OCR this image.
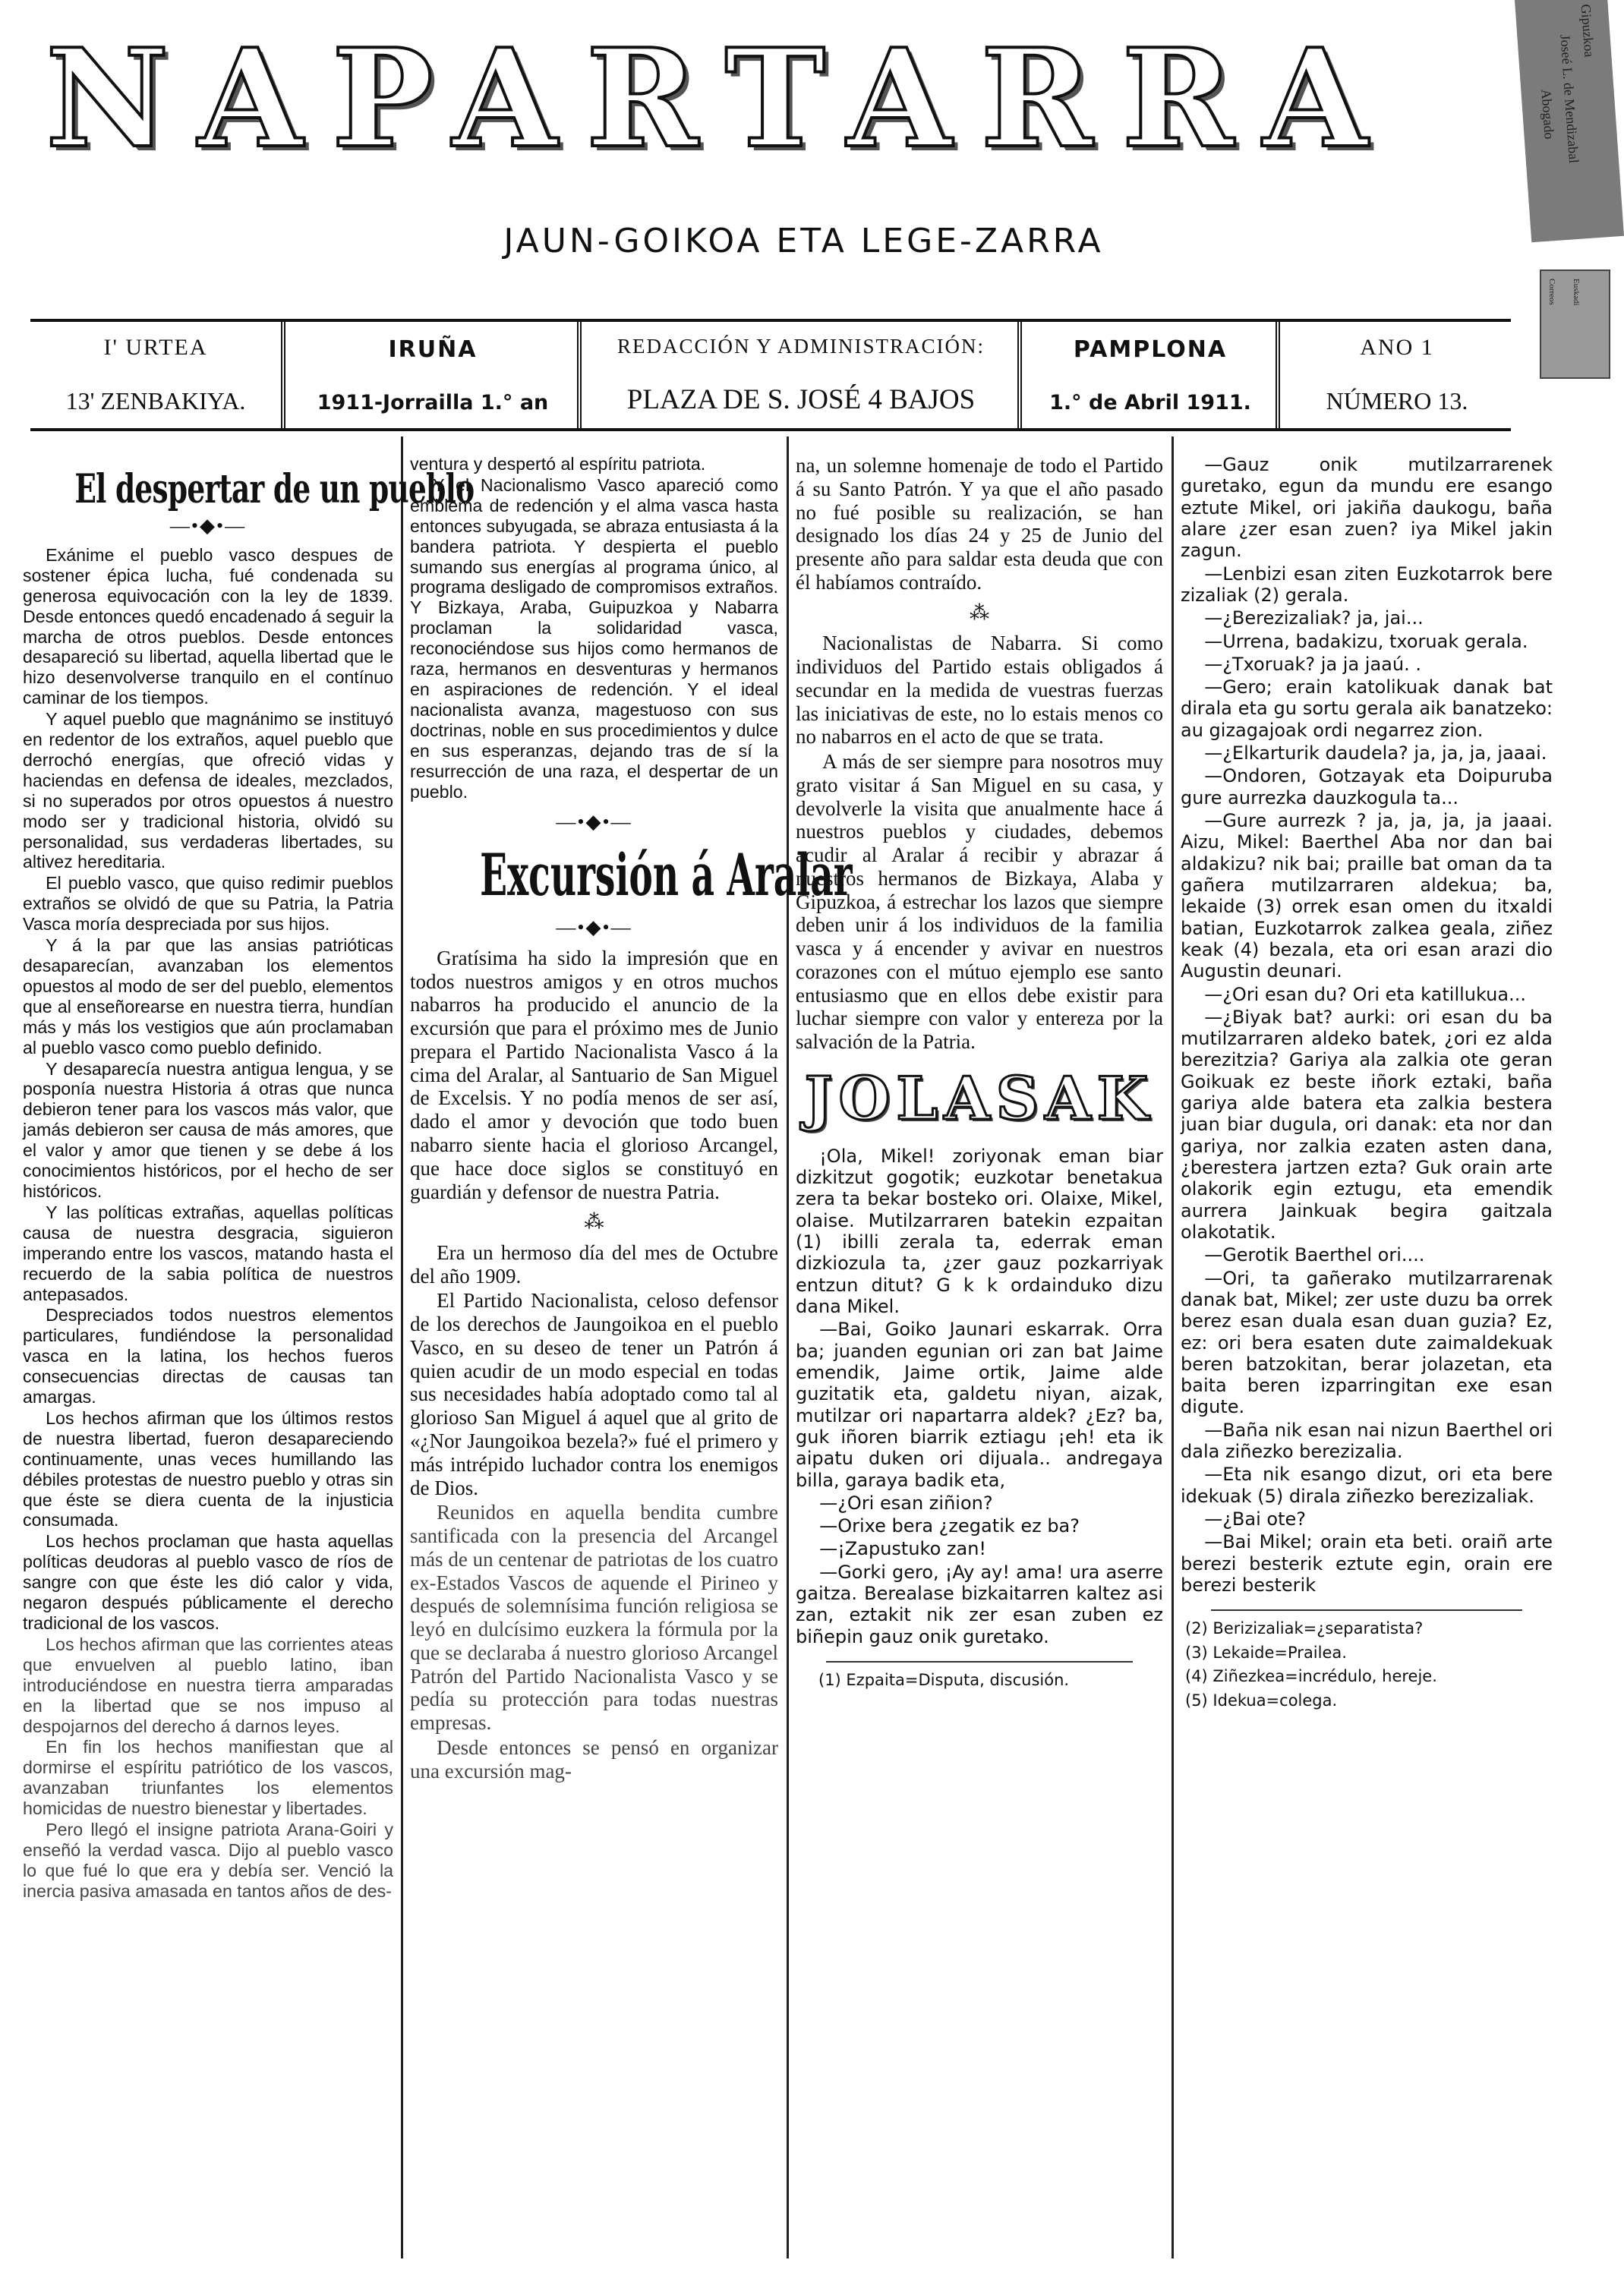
NAPARTARRA
JAUN-GOIKOA ETA LEGE-ZARRA
Gipuzkoa
Joseé L. de Mendizabal
Abogado
Correos Euskadi
I' URTEA
13' ZENBAKIYA.
IRUÑA
1911-Jorrailla 1.° an
REDACCIÓN Y ADMINISTRACIÓN:
PLAZA DE S. JOSÉ 4 BAJOS
PAMPLONA
1.° de Abril 1911.
ANO 1
NÚMERO 13.
El despertar de un pueblo
—•◆•—

Exánime el pueblo vasco despues de sostener épica lucha, fué condenada su generosa equivocación con la ley de 1839. Desde entonces quedó encadenado á seguir la marcha de otros pueblos. Desde entonces desapareció su libertad, aquella libertad que le hizo desenvolverse tranquilo en el contínuo caminar de los tiempos.

Y aquel pueblo que magnánimo se instituyó en redentor de los extraños, aquel pueblo que derrochó energías, que ofreció vidas y haciendas en defensa de ideales, mezclados, si no superados por otros opuestos á nuestro modo ser y tradicional historia, olvidó su personalidad, sus verdaderas libertades, su altivez hereditaria.

El pueblo vasco, que quiso redimir pueblos extraños se olvidó de que su Patria, la Patria Vasca moría despreciada por sus hijos.

Y á la par que las ansias patrióticas desaparecían, avanzaban los elementos opuestos al modo de ser del pueblo, elementos que al enseñorearse en nuestra tierra, hundían más y más los vestigios que aún proclamaban al pueblo vasco como pueblo definido.

Y desaparecía nuestra antigua lengua, y se posponía nuestra Historia á otras que nunca debieron tener para los vascos más valor, que jamás debieron ser causa de más amores, que el valor y amor que tienen y se debe á los conocimientos históricos, por el hecho de ser históricos.

Y las políticas extrañas, aquellas políticas causa de nuestra desgracia, siguieron imperando entre los vascos, matando hasta el recuerdo de la sabia política de nuestros antepasados.

Despreciados todos nuestros elementos particulares, fundiéndose la personalidad vasca en la latina, los hechos fueros consecuencias directas de causas tan amargas.

Los hechos afirman que los últimos restos de nuestra libertad, fueron desapareciendo continuamente, unas veces humillando las débiles protestas de nuestro pueblo y otras sin que éste se diera cuenta de la injusticia consumada.

Los hechos proclaman que hasta aquellas políticas deudoras al pueblo vasco de ríos de sangre con que éste les dió calor y vida, negaron después públicamente el derecho tradicional de los vascos.

Los hechos afirman que las corrientes ateas que envuelven al pueblo latino, iban introduciéndose en nuestra tierra amparadas en la libertad que se nos impuso al despojarnos del derecho á darnos leyes.

En fin los hechos manifiestan que al dormirse el espíritu patriótico de los vascos, avanzaban triunfantes los elementos homicidas de nuestro bienestar y libertades.

Pero llegó el insigne patriota Arana-Goiri y enseñó la verdad vasca. Dijo al pueblo vasco lo que fué lo que era y debía ser. Venció la inercia pasiva amasada en tantos años de des-

ventura y despertó al espíritu patriota.

Y el Nacionalismo Vasco apareció como emblema de redención y el alma vasca hasta entonces subyugada, se abraza entusiasta á la bandera patriota. Y despierta el pueblo sumando sus energías al programa único, al programa desligado de compromisos extraños. Y Bizkaya, Araba, Guipuzkoa y Nabarra proclaman la solidaridad vasca, reconociéndose sus hijos como hermanos de raza, hermanos en desventuras y hermanos en aspiraciones de redención. Y el ideal nacionalista avanza, magestuoso con sus doctrinas, noble en sus procedimientos y dulce en sus esperanzas, dejando tras de sí la resurrección de una raza, el despertar de un pueblo.

—•◆•—
Excursión á Aralar
—•◆•—

Gratísima ha sido la impresión que en todos nuestros amigos y en otros muchos nabarros ha producido el anuncio de la excursión que para el próximo mes de Junio prepara el Partido Nacionalista Vasco á la cima del Aralar, al Santuario de San Miguel de Excelsis. Y no podía menos de ser así, dado el amor y devoción que todo buen nabarro siente hacia el glorioso Arcangel, que hace doce siglos se constituyó en guardián y defensor de nuestra Patria.

⁂

Era un hermoso día del mes de Octubre del año 1909.

El Partido Nacionalista, celoso defensor de los derechos de Jaungoikoa en el pueblo Vasco, en su deseo de tener un Patrón á quien acudir de un modo especial en todas sus necesidades había adoptado como tal al glorioso San Miguel á aquel que al grito de «¿Nor Jaungoikoa bezela?» fué el primero y más intrépido luchador contra los enemigos de Dios.

Reunidos en aquella bendita cumbre santificada con la presencia del Arcangel más de un centenar de patriotas de los cuatro ex-Estados Vascos de aquende el Pirineo y después de solemnísima función religiosa se leyó en dulcísimo euzkera la fórmula por la que se declaraba á nuestro glorioso Arcangel Patrón del Partido Nacionalista Vasco y se pedía su protección para todas nuestras empresas.

Desde entonces se pensó en organizar una excursión mag-

na, un solemne homenaje de todo el Partido á su Santo Patrón. Y ya que el año pasado no fué posible su realización, se han designado los días 24 y 25 de Junio del presente año para saldar esta deuda que con él habíamos contraído.

⁂

Nacionalistas de Nabarra. Si como individuos del Partido estais obligados á secundar en la medida de vuestras fuerzas las iniciativas de este, no lo estais menos co no nabarros en el acto de que se trata.

A más de ser siempre para nosotros muy grato visitar á San Miguel en su casa, y devolverle la visita que anualmente hace á nuestros pueblos y ciudades, debemos acudir al Aralar á recibir y abrazar á nuestros hermanos de Bizkaya, Alaba y Gipuzkoa, á estrechar los lazos que siempre deben unir á los individuos de la familia vasca y á encender y avivar en nuestros corazones con el mútuo ejemplo ese santo entusiasmo que en ellos debe existir para luchar siempre con valor y entereza por la salvación de la Patria.

JOLASAK

¡Ola, Mikel! zoriyonak eman biar dizkitzut gogotik; euzkotar benetakua zera ta bekar bosteko ori. Olaixe, Mikel, olaise. Mutilzarraren batekin ezpaitan (1) ibilli zerala ta, ederrak eman dizkiozula ta, ¿zer gauz pozkarriyak entzun ditut? G k k ordainduko dizu dana Mikel.

—Bai, Goiko Jaunari eskarrak. Orra ba; juanden egunian ori zan bat Jaime emendik, Jaime ortik, Jaime alde guzitatik eta, galdetu niyan, aizak, mutilzar ori napartarra aldek? ¿Ez? ba, guk iñoren biarrik eztiagu ¡eh! eta ik aipatu duken ori dijuala.. andregaya billa, garaya badik eta,

—¿Ori esan ziñion?

—Orixe bera ¿zegatik ez ba?

—¡Zapustuko zan!

—Gorki gero, ¡Ay ay! ama! ura aserre gaitza. Berealase bizkaitarren kaltez asi zan, eztakit nik zer esan zuben ez biñepin gauz onik guretako.

(1) Ezpaita=Disputa, discusión.

—Gauz onik mutilzarrarenek guretako, egun da mundu ere esango eztute Mikel, ori jakiña daukogu, baña alare ¿zer esan zuen? iya Mikel jakin zagun.

—Lenbizi esan ziten Euzkotarrok bere zizaliak (2) gerala.

—¿Berezizaliak? ja, jai...

—Urrena, badakizu, txoruak gerala.

—¿Txoruak? ja ja jaaú. .

—Gero; erain katolikuak danak bat dirala eta gu sortu gerala aik banatzeko: au gizagajoak ordi negarrez zion.

—¿Elkarturik daudela? ja, ja, ja, jaaai.

—Ondoren, Gotzayak eta Doipuruba gure aurrezka dauzkogula ta...

—Gure aurrezk ? ja, ja, ja, ja jaaai. Aizu, Mikel: Baerthel Aba nor dan bai aldakizu? nik bai; praille bat oman da ta gañera mutilzarraren aldekua; ba, lekaide (3) orrek esan omen du itxaldi batian, Euzkotarrok zalkea geala, ziñez keak (4) bezala, eta ori esan arazi dio Augustin deunari.

—¿Ori esan du? Ori eta katillukua...

—¿Biyak bat? aurki: ori esan du ba mutilzarraren aldeko batek, ¿ori ez alda berezitzia? Gariya ala zalkia ote geran Goikuak ez beste iñork eztaki, baña gariya alde batera eta zalkia bestera juan biar dugula, ori danak: eta nor dan gariya, nor zalkia ezaten asten dana, ¿berestera jartzen ezta? Guk orain arte olakorik egin eztugu, eta emendik aurrera Jainkuak begira gaitzala olakotatik.

—Gerotik Baerthel ori....

—Ori, ta gañerako mutilzarrarenak danak bat, Mikel; zer uste duzu ba orrek berez esan duala esan duan guzia? Ez, ez: ori bera esaten dute zaimaldekuak beren batzokitan, berar jolazetan, eta baita beren izparringitan exe esan digute.

—Baña nik esan nai nizun Baerthel ori dala ziñezko berezizalia.

—Eta nik esango dizut, ori eta bere idekuak (5) dirala ziñezko berezizaliak.

—¿Bai ote?

—Bai Mikel; orain eta beti. oraiñ arte berezi besterik eztute egin, orain ere berezi besterik

(2) Berizizaliak=¿separatista?
(3) Lekaide=Prailea.
(4) Ziñezkea=incrédulo, hereje.
(5) Idekua=colega.
